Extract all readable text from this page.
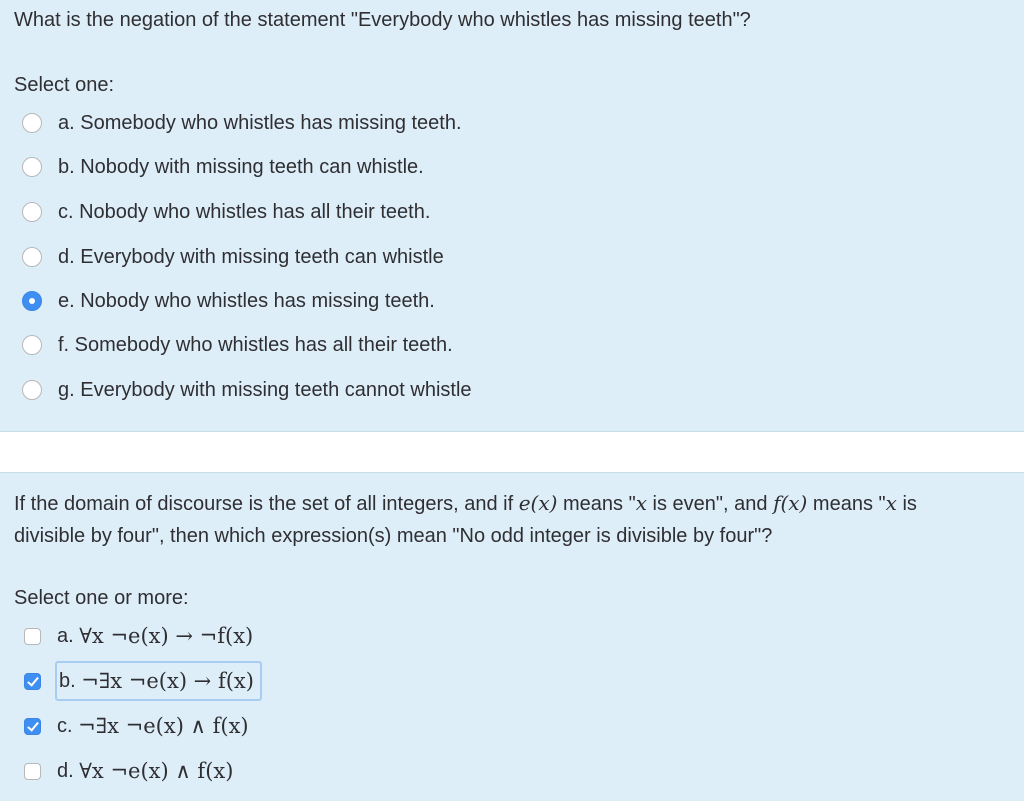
What is the negation of the statement "Everybody who whistles has missing teeth"?
Select one:
a. Somebody who whistles has missing teeth.
b. Nobody with missing teeth can whistle.
c. Nobody who whistles has all their teeth.
d. Everybody with missing teeth can whistle
e. Nobody who whistles has missing teeth.
f. Somebody who whistles has all their teeth.
g. Everybody with missing teeth cannot whistle
If the domain of discourse is the set of all integers, and if e(x) means "x is even", and f(x) means "x is
divisible by four", then which expression(s) mean "No odd integer is divisible by four"?
Select one or more:
a.
∀x ¬e(x) → ¬f(x)
b.
¬∃x ¬e(x) → f(x)
c.
¬∃x ¬e(x) ∧ f(x)
d.
∀x ¬e(x) ∧ f(x)
